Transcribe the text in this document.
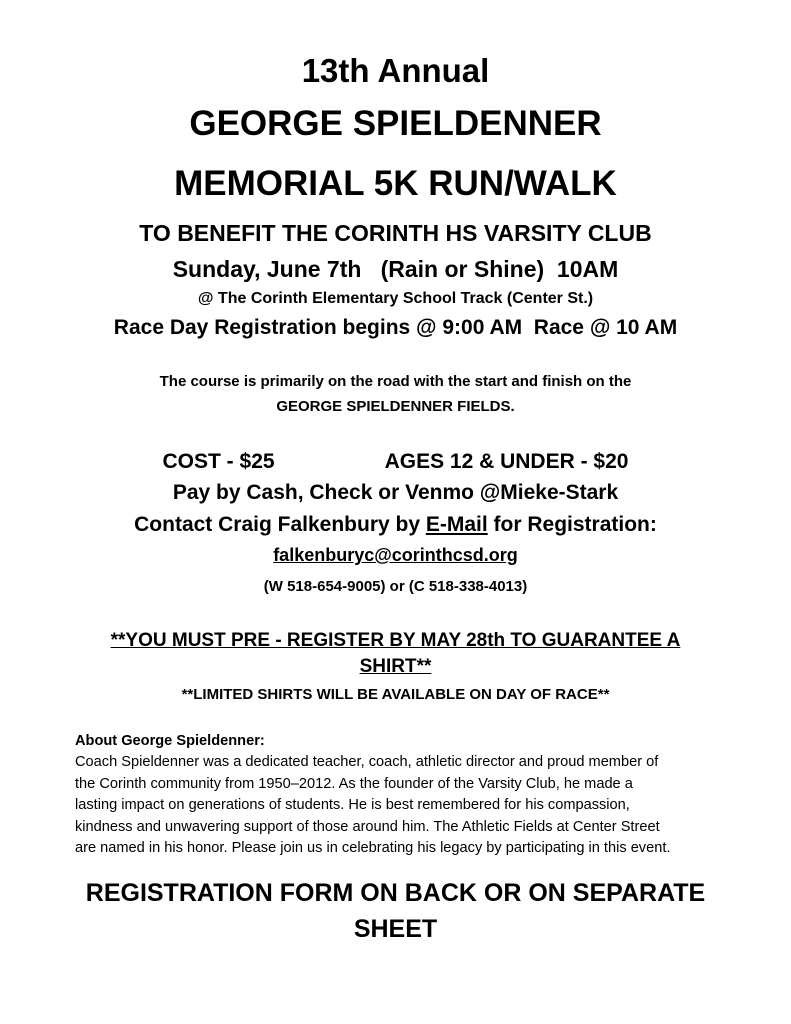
13th Annual
GEORGE SPIELDENNER
MEMORIAL 5K RUN/WALK
TO BENEFIT THE CORINTH HS VARSITY CLUB
Sunday, June 7th   (Rain or Shine)  10AM
@ The Corinth Elementary School Track (Center St.)
Race Day Registration begins @ 9:00 AM  Race @ 10 AM
The course is primarily on the road with the start and finish on the
GEORGE SPIELDENNER FIELDS.
COST - $25	AGES 12 & UNDER - $20
Pay by Cash, Check or Venmo @Mieke-Stark
Contact Craig Falkenbury by E-Mail for Registration:
falkenburyc@corinthcsd.org
(W 518-654-9005) or (C 518-338-4013)
**YOU MUST PRE - REGISTER BY MAY 28th TO GUARANTEE A
SHIRT**
**LIMITED SHIRTS WILL BE AVAILABLE ON DAY OF RACE**
About George Spieldenner:
Coach Spieldenner was a dedicated teacher, coach, athletic director and proud member of
the Corinth community from 1950–2012. As the founder of the Varsity Club, he made a
lasting impact on generations of students. He is best remembered for his compassion,
kindness and unwavering support of those around him. The Athletic Fields at Center Street
are named in his honor. Please join us in celebrating his legacy by participating in this event.
REGISTRATION FORM ON BACK OR ON SEPARATE
SHEET
